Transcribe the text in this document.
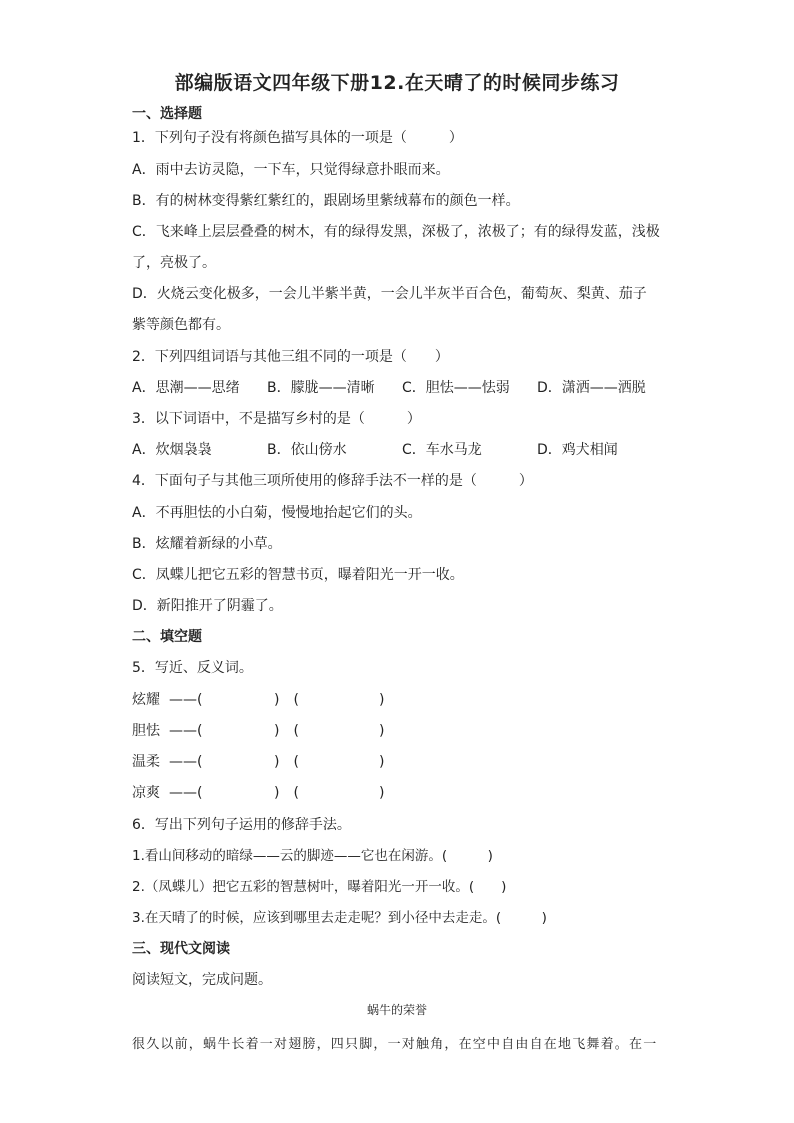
部编版语文四年级下册12.在天晴了的时候同步练习
一、选择题
1．下列句子没有将颜色描写具体的一项是（　　　）
A．雨中去访灵隐，一下车，只觉得绿意扑眼而来。
B．有的树林变得紫红紫红的，跟剧场里紫绒幕布的颜色一样。
C．飞来峰上层层叠叠的树木，有的绿得发黑，深极了，浓极了；有的绿得发蓝，浅极
了，亮极了。
D．火烧云变化极多，一会儿半紫半黄，一会儿半灰半百合色，葡萄灰、梨黄、茄子
紫等颜色都有。
2．下列四组词语与其他三组不同的一项是（　　）
A．思潮——思绪	B．朦胧——清晰	C．胆怯——怯弱	D．潇洒——洒脱
3．以下词语中，不是描写乡村的是（　　　）
A．炊烟袅袅	B．依山傍水	C．车水马龙	D．鸡犬相闻
4．下面句子与其他三项所使用的修辞手法不一样的是（　　　）
A．不再胆怯的小白菊，慢慢地抬起它们的头。
B．炫耀着新绿的小草。
C．凤蝶儿把它五彩的智慧书页，曝着阳光一开一收。
D．新阳推开了阴霾了。
二、填空题
5．写近、反义词。
炫耀 ——(	)　(	)
胆怯 ——(	)　(	)
温柔 ——(	)　(	)
凉爽 ——(	)　(	)
6．写出下列句子运用的修辞手法。
1.看山间移动的暗绿——云的脚迹——它也在闲游。(　　　)
2.（凤蝶儿）把它五彩的智慧树叶，曝着阳光一开一收。(　　)
3.在天晴了的时候，应该到哪里去走走呢？到小径中去走走。(　　　)
三、现代文阅读
阅读短文，完成问题。
蜗牛的荣誉
很久以前，蜗牛长着一对翅膀，四只脚，一对触角，在空中自由自在地飞舞着。在一
